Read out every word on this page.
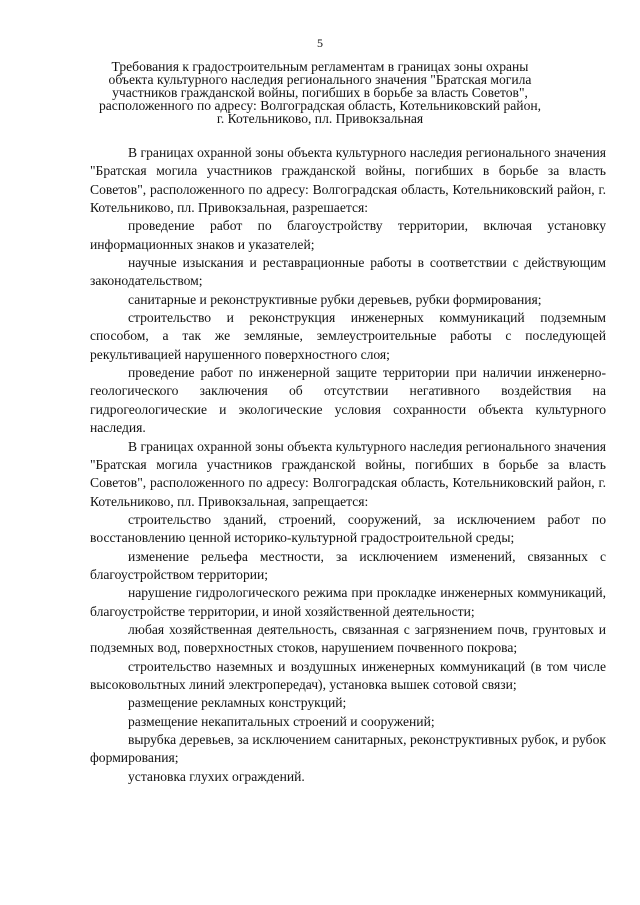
5
Требования к градостроительным регламентам в границах зоны охраны
объекта культурного наследия регионального значения "Братская могила
участников гражданской войны, погибших в борьбе за власть Советов",
расположенного по адресу: Волгоградская область, Котельниковский район,
г. Котельниково, пл. Привокзальная

В границах охранной зоны объекта культурного наследия регионального значения "Братская могила участников гражданской войны, погибших в борьбе за власть Советов", расположенного по адресу: Волгоградская область, Котельниковский район, г. Котельниково, пл. Привокзальная, разрешается:

проведение работ по благоустройству территории, включая установку информационных знаков и указателей;

научные изыскания и реставрационные работы в соответствии с действующим законодательством;

санитарные и реконструктивные рубки деревьев, рубки формирования;

строительство и реконструкция инженерных коммуникаций подземным способом, а так же земляные, землеустроительные работы с последующей рекультивацией нарушенного поверхностного слоя;

проведение работ по инженерной защите территории при наличии инженерно-геологического заключения об отсутствии негативного воздействия на гидрогеологические и экологические условия сохранности объекта культурного наследия.

В границах охранной зоны объекта культурного наследия регионального значения "Братская могила участников гражданской войны, погибших в борьбе за власть Советов", расположенного по адресу: Волгоградская область, Котельниковский район, г. Котельниково, пл. Привокзальная, запрещается:

строительство зданий, строений, сооружений, за исключением работ по восстановлению ценной историко-культурной градостроительной среды;

изменение рельефа местности, за исключением изменений, связанных с благоустройством территории;

нарушение гидрологического режима при прокладке инженерных коммуникаций, благоустройстве территории, и иной хозяйственной деятельности;

любая хозяйственная деятельность, связанная с загрязнением почв, грунтовых и подземных вод, поверхностных стоков, нарушением почвенного покрова;

строительство наземных и воздушных инженерных коммуникаций (в том числе высоковольтных линий электропередач), установка вышек сотовой связи;

размещение рекламных конструкций;

размещение некапитальных строений и сооружений;

вырубка деревьев, за исключением санитарных, реконструктивных рубок, и рубок формирования;

установка глухих ограждений.
